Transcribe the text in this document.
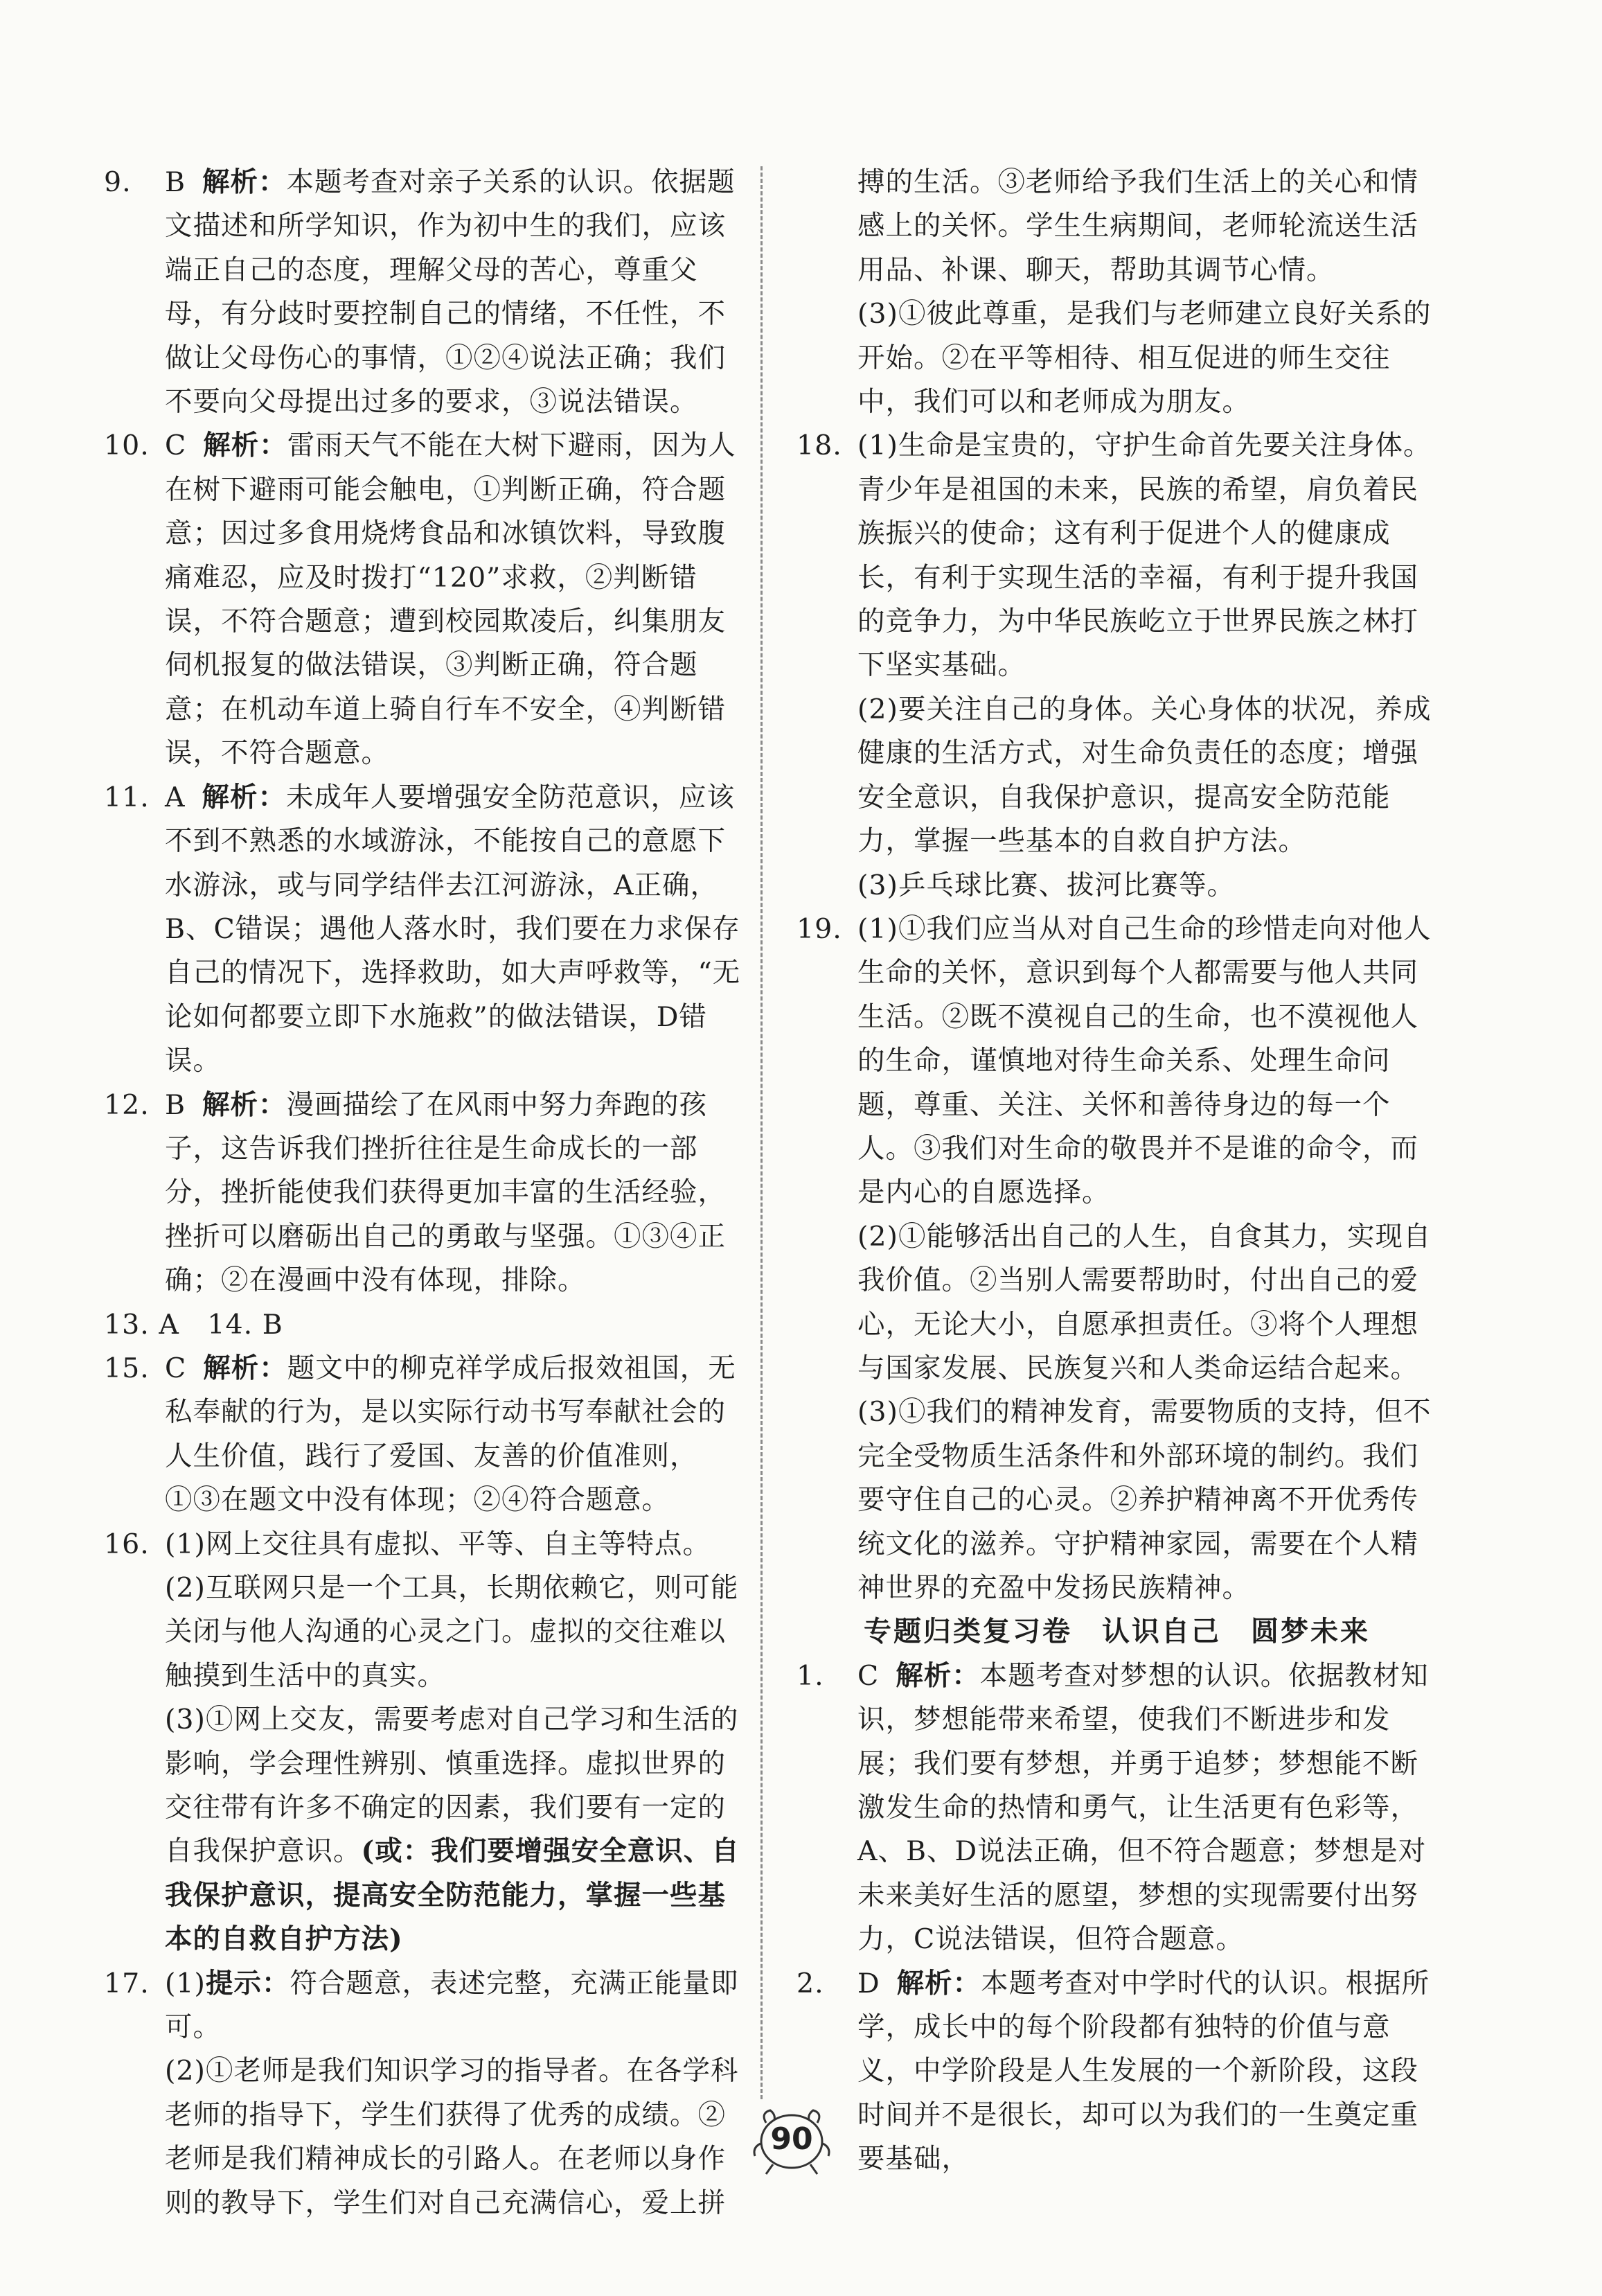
9.	B 解析：本题考查对亲子关系的认识。依据题文描述和所学知识，作为初中生的我们，应该端正自己的态度，理解父母的苦心，尊重父母，有分歧时要控制自己的情绪，不任性，不做让父母伤心的事情，①②④说法正确；我们不要向父母提出过多的要求，③说法错误。
10. C 解析：雷雨天气不能在大树下避雨，因为人在树下避雨可能会触电，①判断正确，符合题意；因过多食用烧烤食品和冰镇饮料，导致腹痛难忍，应及时拨打“120”求救，②判断错误，不符合题意；遭到校园欺凌后，纠集朋友伺机报复的做法错误，③判断正确，符合题意；在机动车道上骑自行车不安全，④判断错误，不符合题意。
11. A 解析：未成年人要增强安全防范意识，应该不到不熟悉的水域游泳，不能按自己的意愿下水游泳，或与同学结伴去江河游泳，A正确，B、C错误；遇他人落水时，我们要在力求保存自己的情况下，选择救助，如大声呼救等，“无论如何都要立即下水施救”的做法错误，D错误。
12. B 解析：漫画描绘了在风雨中努力奔跑的孩子，这告诉我们挫折往往是生命成长的一部分，挫折能使我们获得更加丰富的生活经验，挫折可以磨砺出自己的勇敢与坚强。①③④正确；②在漫画中没有体现，排除。
13. A　14. B
15. C 解析：题文中的柳克祥学成后报效祖国，无私奉献的行为，是以实际行动书写奉献社会的人生价值，践行了爱国、友善的价值准则，①③在题文中没有体现；②④符合题意。
16. (1)网上交往具有虚拟、平等、自主等特点。
(2)互联网只是一个工具，长期依赖它，则可能关闭与他人沟通的心灵之门。虚拟的交往难以触摸到生活中的真实。
(3)①网上交友，需要考虑对自己学习和生活的影响，学会理性辨别、慎重选择。虚拟世界的交往带有许多不确定的因素，我们要有一定的自我保护意识。(或：我们要增强安全意识、自我保护意识，提高安全防范能力，掌握一些基本的自救自护方法)
17. (1)提示：符合题意，表述完整，充满正能量即可。
(2)①老师是我们知识学习的指导者。在各学科老师的指导下，学生们获得了优秀的成绩。②老师是我们精神成长的引路人。在老师以身作则的教导下，学生们对自己充满信心，爱上拼
搏的生活。③老师给予我们生活上的关心和情感上的关怀。学生生病期间，老师轮流送生活用品、补课、聊天，帮助其调节心情。
(3)①彼此尊重，是我们与老师建立良好关系的开始。②在平等相待、相互促进的师生交往中，我们可以和老师成为朋友。
18. (1)生命是宝贵的，守护生命首先要关注身体。青少年是祖国的未来，民族的希望，肩负着民族振兴的使命；这有利于促进个人的健康成长，有利于实现生活的幸福，有利于提升我国的竞争力，为中华民族屹立于世界民族之林打下坚实基础。
(2)要关注自己的身体。关心身体的状况，养成健康的生活方式，对生命负责任的态度；增强安全意识，自我保护意识，提高安全防范能力，掌握一些基本的自救自护方法。
(3)乒乓球比赛、拔河比赛等。
19. (1)①我们应当从对自己生命的珍惜走向对他人生命的关怀，意识到每个人都需要与他人共同生活。②既不漠视自己的生命，也不漠视他人的生命，谨慎地对待生命关系、处理生命问题，尊重、关注、关怀和善待身边的每一个人。③我们对生命的敬畏并不是谁的命令，而是内心的自愿选择。
(2)①能够活出自己的人生，自食其力，实现自我价值。②当别人需要帮助时，付出自己的爱心，无论大小，自愿承担责任。③将个人理想与国家发展、民族复兴和人类命运结合起来。
(3)①我们的精神发育，需要物质的支持，但不完全受物质生活条件和外部环境的制约。我们要守住自己的心灵。②养护精神离不开优秀传统文化的滋养。守护精神家园，需要在个人精神世界的充盈中发扬民族精神。
专题归类复习卷　认识自己　圆梦未来
1.	C 解析：本题考查对梦想的认识。依据教材知识，梦想能带来希望，使我们不断进步和发展；我们要有梦想，并勇于追梦；梦想能不断激发生命的热情和勇气，让生活更有色彩等，A、B、D说法正确，但不符合题意；梦想是对未来美好生活的愿望，梦想的实现需要付出努力，C说法错误，但符合题意。
2.	D 解析：本题考查对中学时代的认识。根据所学，成长中的每个阶段都有独特的价值与意义，中学阶段是人生发展的一个新阶段，这段时间并不是很长，却可以为我们的一生奠定重要基础，
90
